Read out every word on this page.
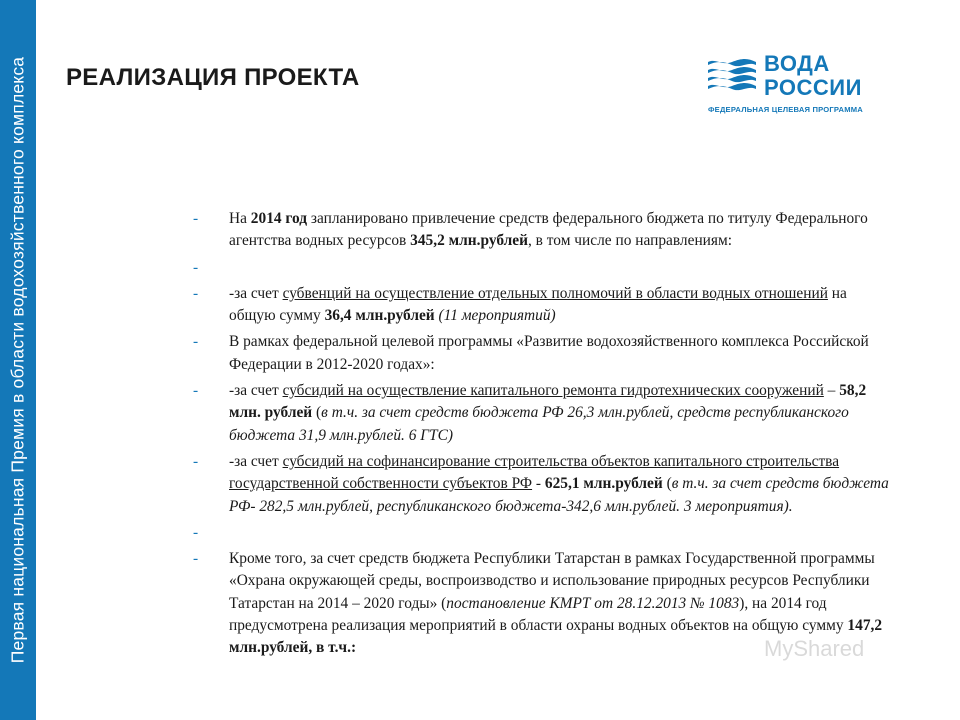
Первая национальная Премия в области водохозяйственного комплекса РЕАЛИЗАЦИЯ ПРОЕКТА
ВОДА
РОССИИ
ФЕДЕРАЛЬНАЯ ЦЕЛЕВАЯ ПРОГРАММА
- На 2014 год запланировано привлечение средств федерального бюджета по титулу Федерального агентства водных ресурсов 345,2 млн.рублей, в том числе по направлениям:
-

- -за счет субвенций на осуществление отдельных полномочий в области водных отношений на общую сумму 36,4 млн.рублей (11 мероприятий)
- В рамках федеральной целевой программы «Развитие водохозяйственного комплекса Российской Федерации в 2012-2020 годах»:
- -за счет субсидий на осуществление капитального ремонта гидротехнических сооружений – 58,2 млн. рублей (в т.ч. за счет средств бюджета РФ 26,3 млн.рублей, средств республиканского бюджета 31,9 млн.рублей. 6 ГТС)
- -за счет субсидий на софинансирование строительства объектов капитального строительства государственной собственности субъектов РФ - 625,1 млн.рублей (в т.ч. за счет средств бюджета РФ- 282,5 млн.рублей, республиканского бюджета-342,6 млн.рублей. 3 мероприятия).
-

- Кроме того, за счет средств бюджета Республики Татарстан в рамках Государственной программы «Охрана окружающей среды, воспроизводство и использование природных ресурсов Республики Татарстан на 2014 – 2020 годы» (постановление КМРТ от 28.12.2013 № 1083), на 2014 год предусмотрена реализация мероприятий в области охраны водных объектов на общую сумму 147,2 млн.рублей, в т.ч.:	MyShared
